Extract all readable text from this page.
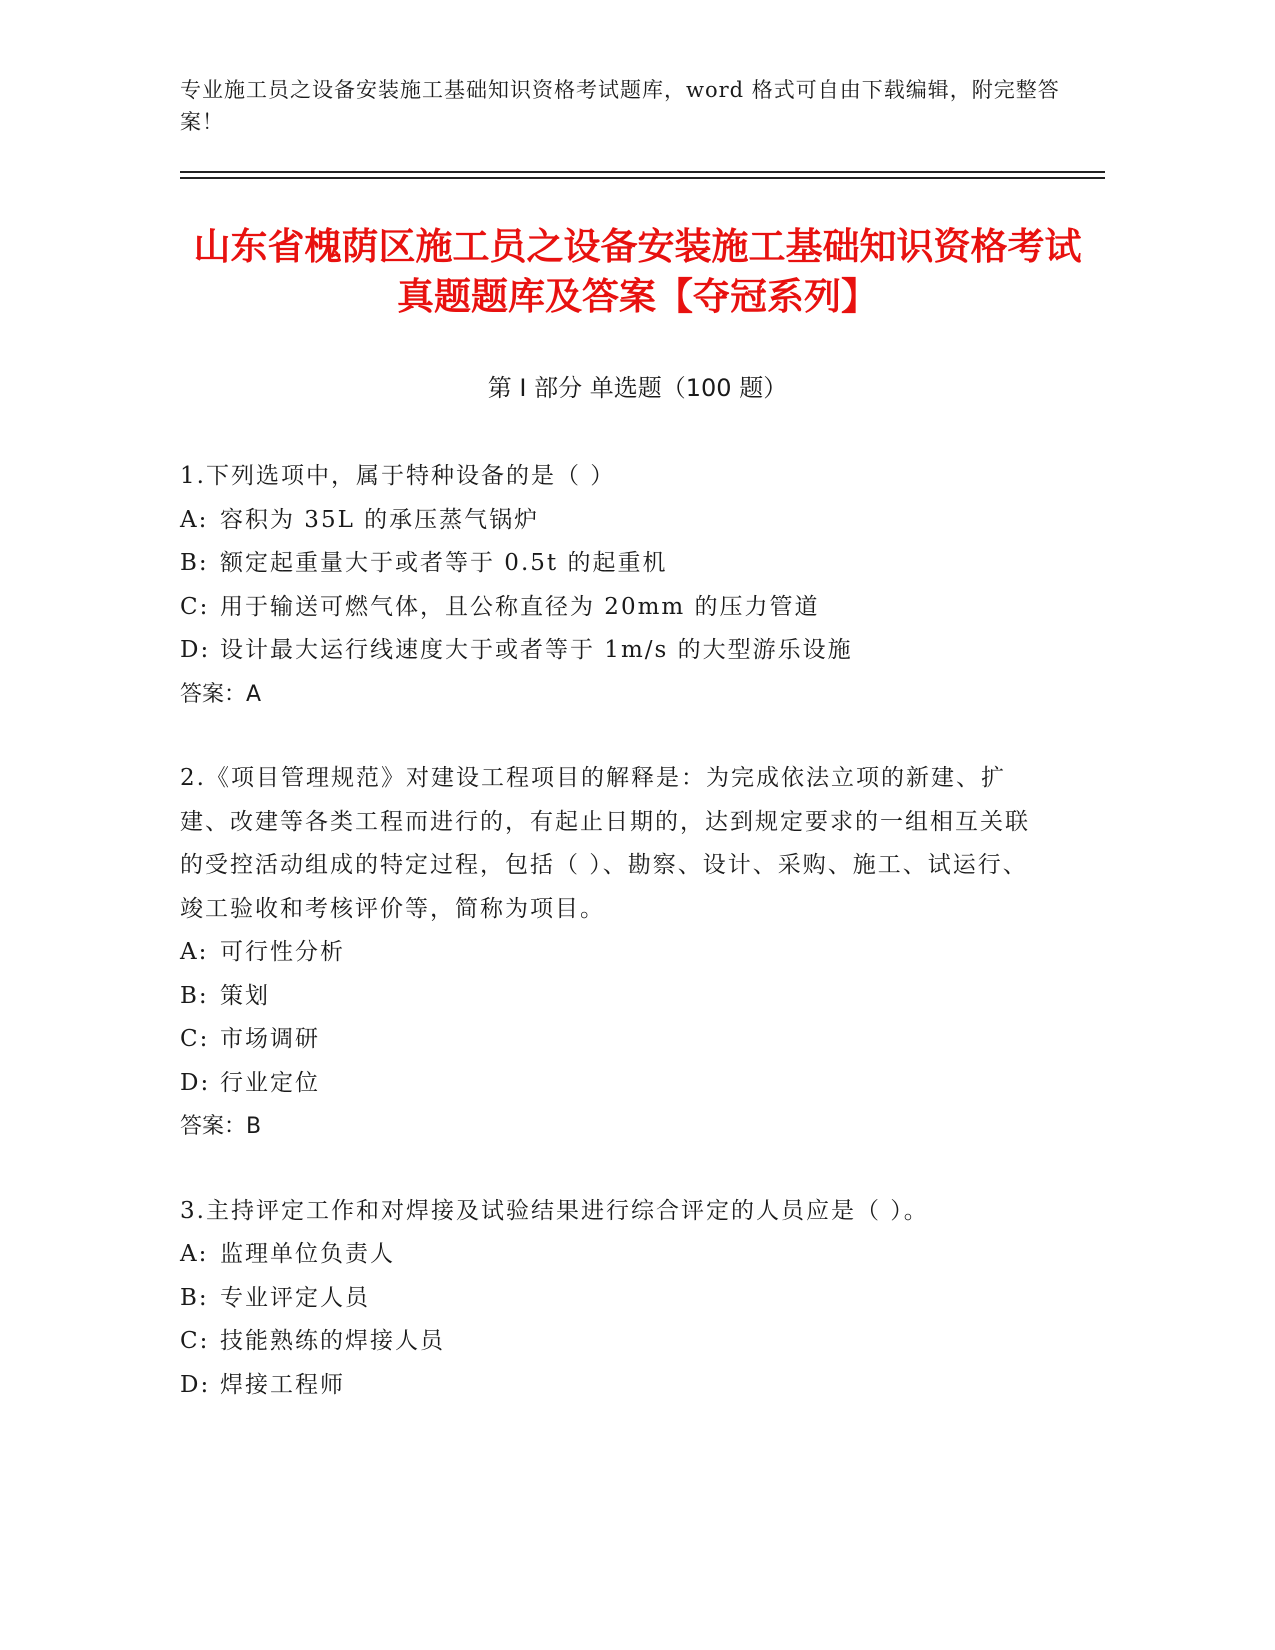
专业施工员之设备安装施工基础知识资格考试题库，word 格式可自由下载编辑，附完整答案！
山东省槐荫区施工员之设备安装施工基础知识资格考试真题题库及答案【夺冠系列】
第 I 部分 单选题（100 题）

1.下列选项中，属于特种设备的是（ ）

A: 容积为 35L 的承压蒸气锅炉

B: 额定起重量大于或者等于 0.5t 的起重机

C: 用于输送可燃气体，且公称直径为 20mm 的压力管道

D: 设计最大运行线速度大于或者等于 1m/s 的大型游乐设施

答案：A

2.《项目管理规范》对建设工程项目的解释是：为完成依法立项的新建、扩建、改建等各类工程而进行的，有起止日期的，达到规定要求的一组相互关联的受控活动组成的特定过程，包括（ ）、勘察、设计、采购、施工、试运行、竣工验收和考核评价等，简称为项目。

A: 可行性分析

B: 策划

C: 市场调研

D: 行业定位

答案：B

3.主持评定工作和对焊接及试验结果进行综合评定的人员应是（ ）。

A: 监理单位负责人

B: 专业评定人员

C: 技能熟练的焊接人员

D: 焊接工程师
